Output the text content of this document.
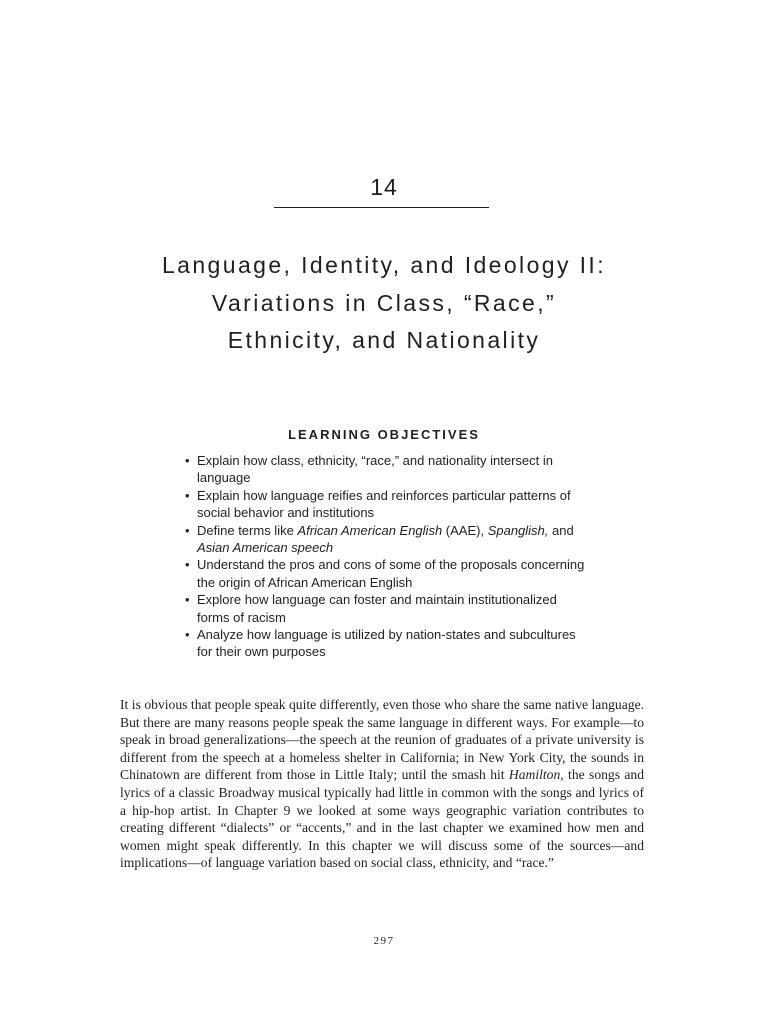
14
Language, Identity, and Ideology II:
Variations in Class, “Race,”
Ethnicity, and Nationality
LEARNING OBJECTIVES
• Explain how class, ethnicity, “race,” and nationality intersect in language
• Explain how language reifies and reinforces particular patterns of social behavior and institutions
• Define terms like African American English (AAE), Spanglish, and Asian American speech
• Understand the pros and cons of some of the proposals concerning the origin of African American English
• Explore how language can foster and maintain institutionalized forms of racism
• Analyze how language is utilized by nation-states and subcultures for their own purposes

It is obvious that people speak quite differently, even those who share the same native language. But there are many reasons people speak the same language in different ways. For example—to speak in broad generalizations—the speech at the reunion of graduates of a private university is different from the speech at a homeless shelter in California; in New York City, the sounds in Chinatown are different from those in Little Italy; until the smash hit Hamilton, the songs and lyrics of a classic Broadway musical typically had little in common with the songs and lyrics of a hip-hop artist. In Chapter 9 we looked at some ways geographic variation contributes to creating different “dialects” or “accents,” and in the last chapter we examined how men and women might speak differently. In this chapter we will discuss some of the sources—and implications—of language variation based on social class, ethnicity, and “race.”

297
